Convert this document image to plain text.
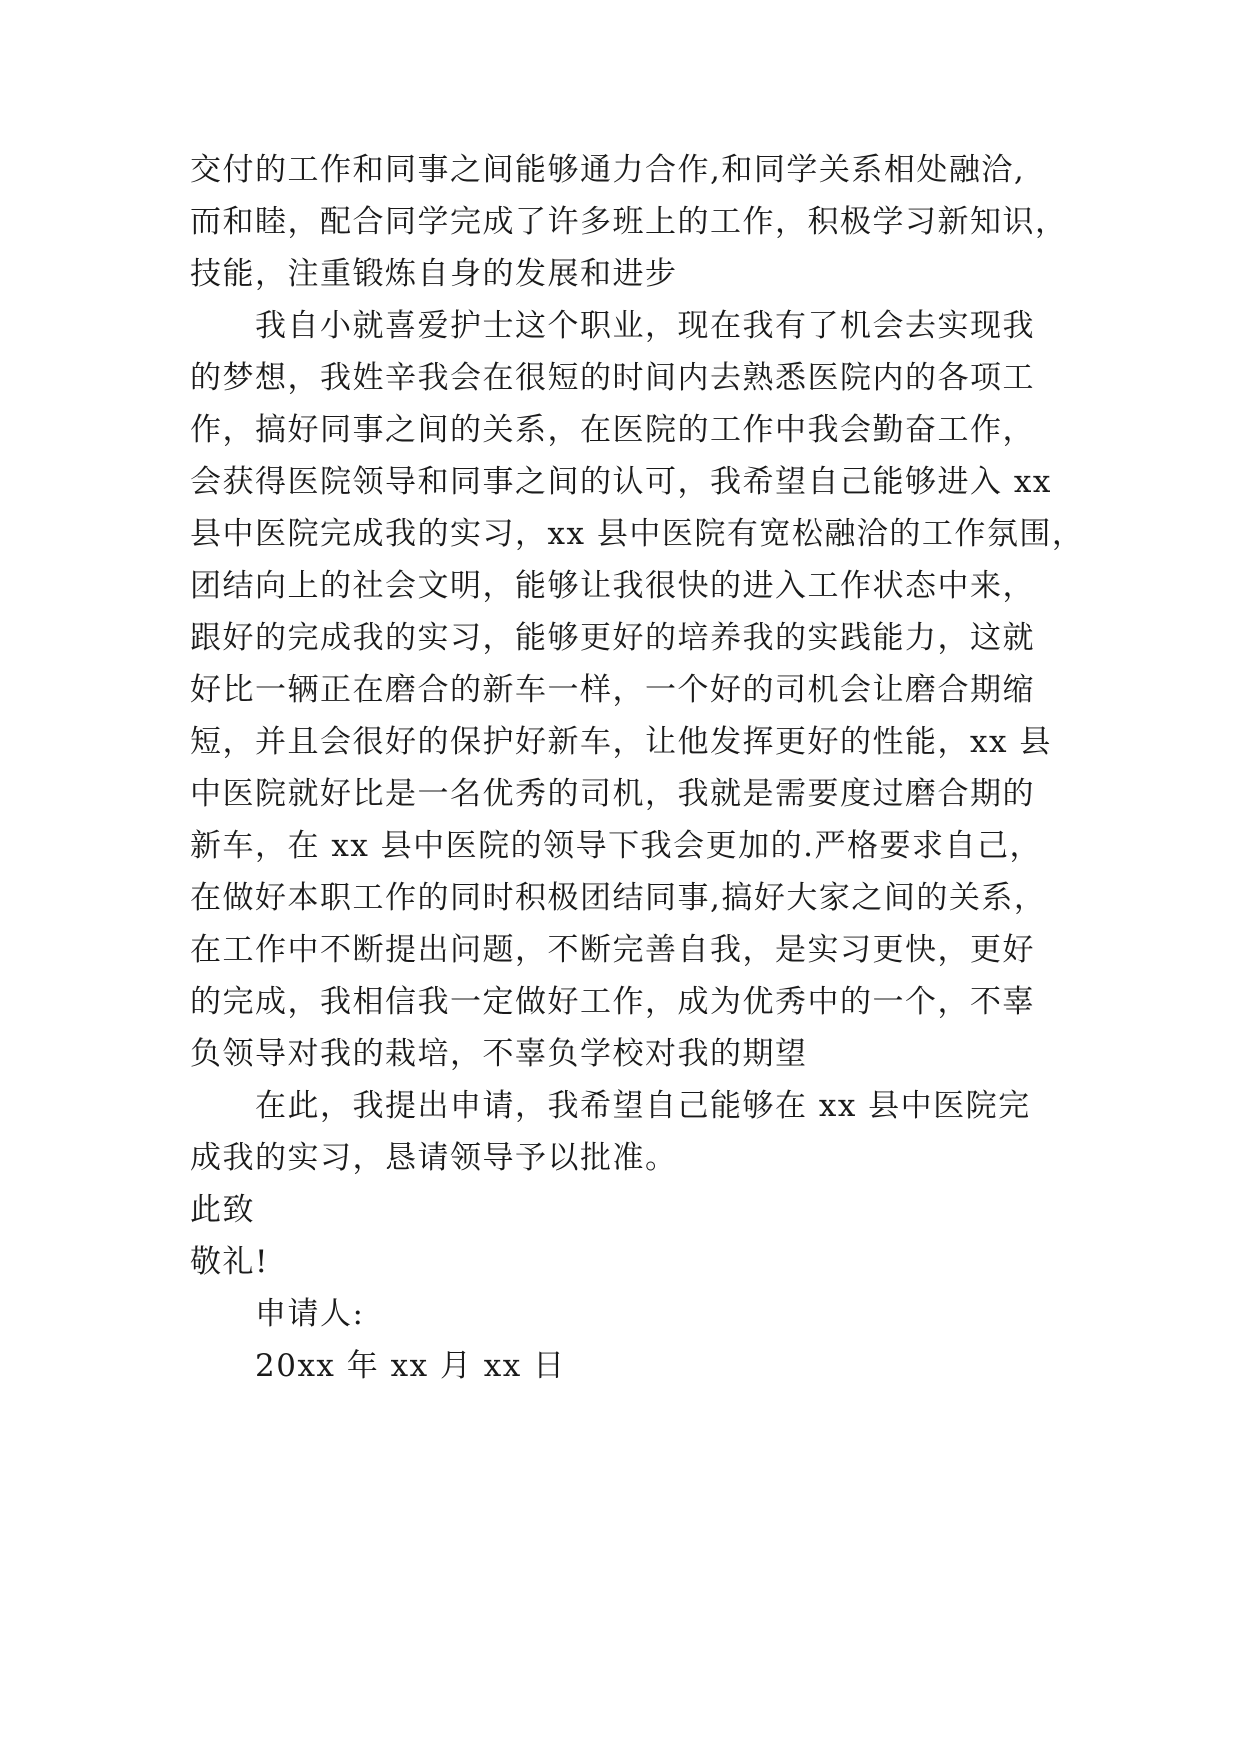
交付的工作和同事之间能够通力合作,和同学关系相处融洽,
而和睦，配合同学完成了许多班上的工作，积极学习新知识，
技能，注重锻炼自身的发展和进步
我自小就喜爱护士这个职业，现在我有了机会去实现我
的梦想，我姓辛我会在很短的时间内去熟悉医院内的各项工
作，搞好同事之间的关系，在医院的工作中我会勤奋工作，
会获得医院领导和同事之间的认可，我希望自己能够进入 xx
县中医院完成我的实习，xx 县中医院有宽松融洽的工作氛围，
团结向上的社会文明，能够让我很快的进入工作状态中来，
跟好的完成我的实习，能够更好的培养我的实践能力，这就
好比一辆正在磨合的新车一样，一个好的司机会让磨合期缩
短，并且会很好的保护好新车，让他发挥更好的性能，xx 县
中医院就好比是一名优秀的司机，我就是需要度过磨合期的
新车，在 xx 县中医院的领导下我会更加的.严格要求自己，
在做好本职工作的同时积极团结同事,搞好大家之间的关系，
在工作中不断提出问题，不断完善自我，是实习更快，更好
的完成，我相信我一定做好工作，成为优秀中的一个，不辜
负领导对我的栽培，不辜负学校对我的期望
在此，我提出申请，我希望自己能够在 xx 县中医院完
成我的实习，恳请领导予以批准。
此致
敬礼!
申请人:
20xx 年 xx 月 xx 日
